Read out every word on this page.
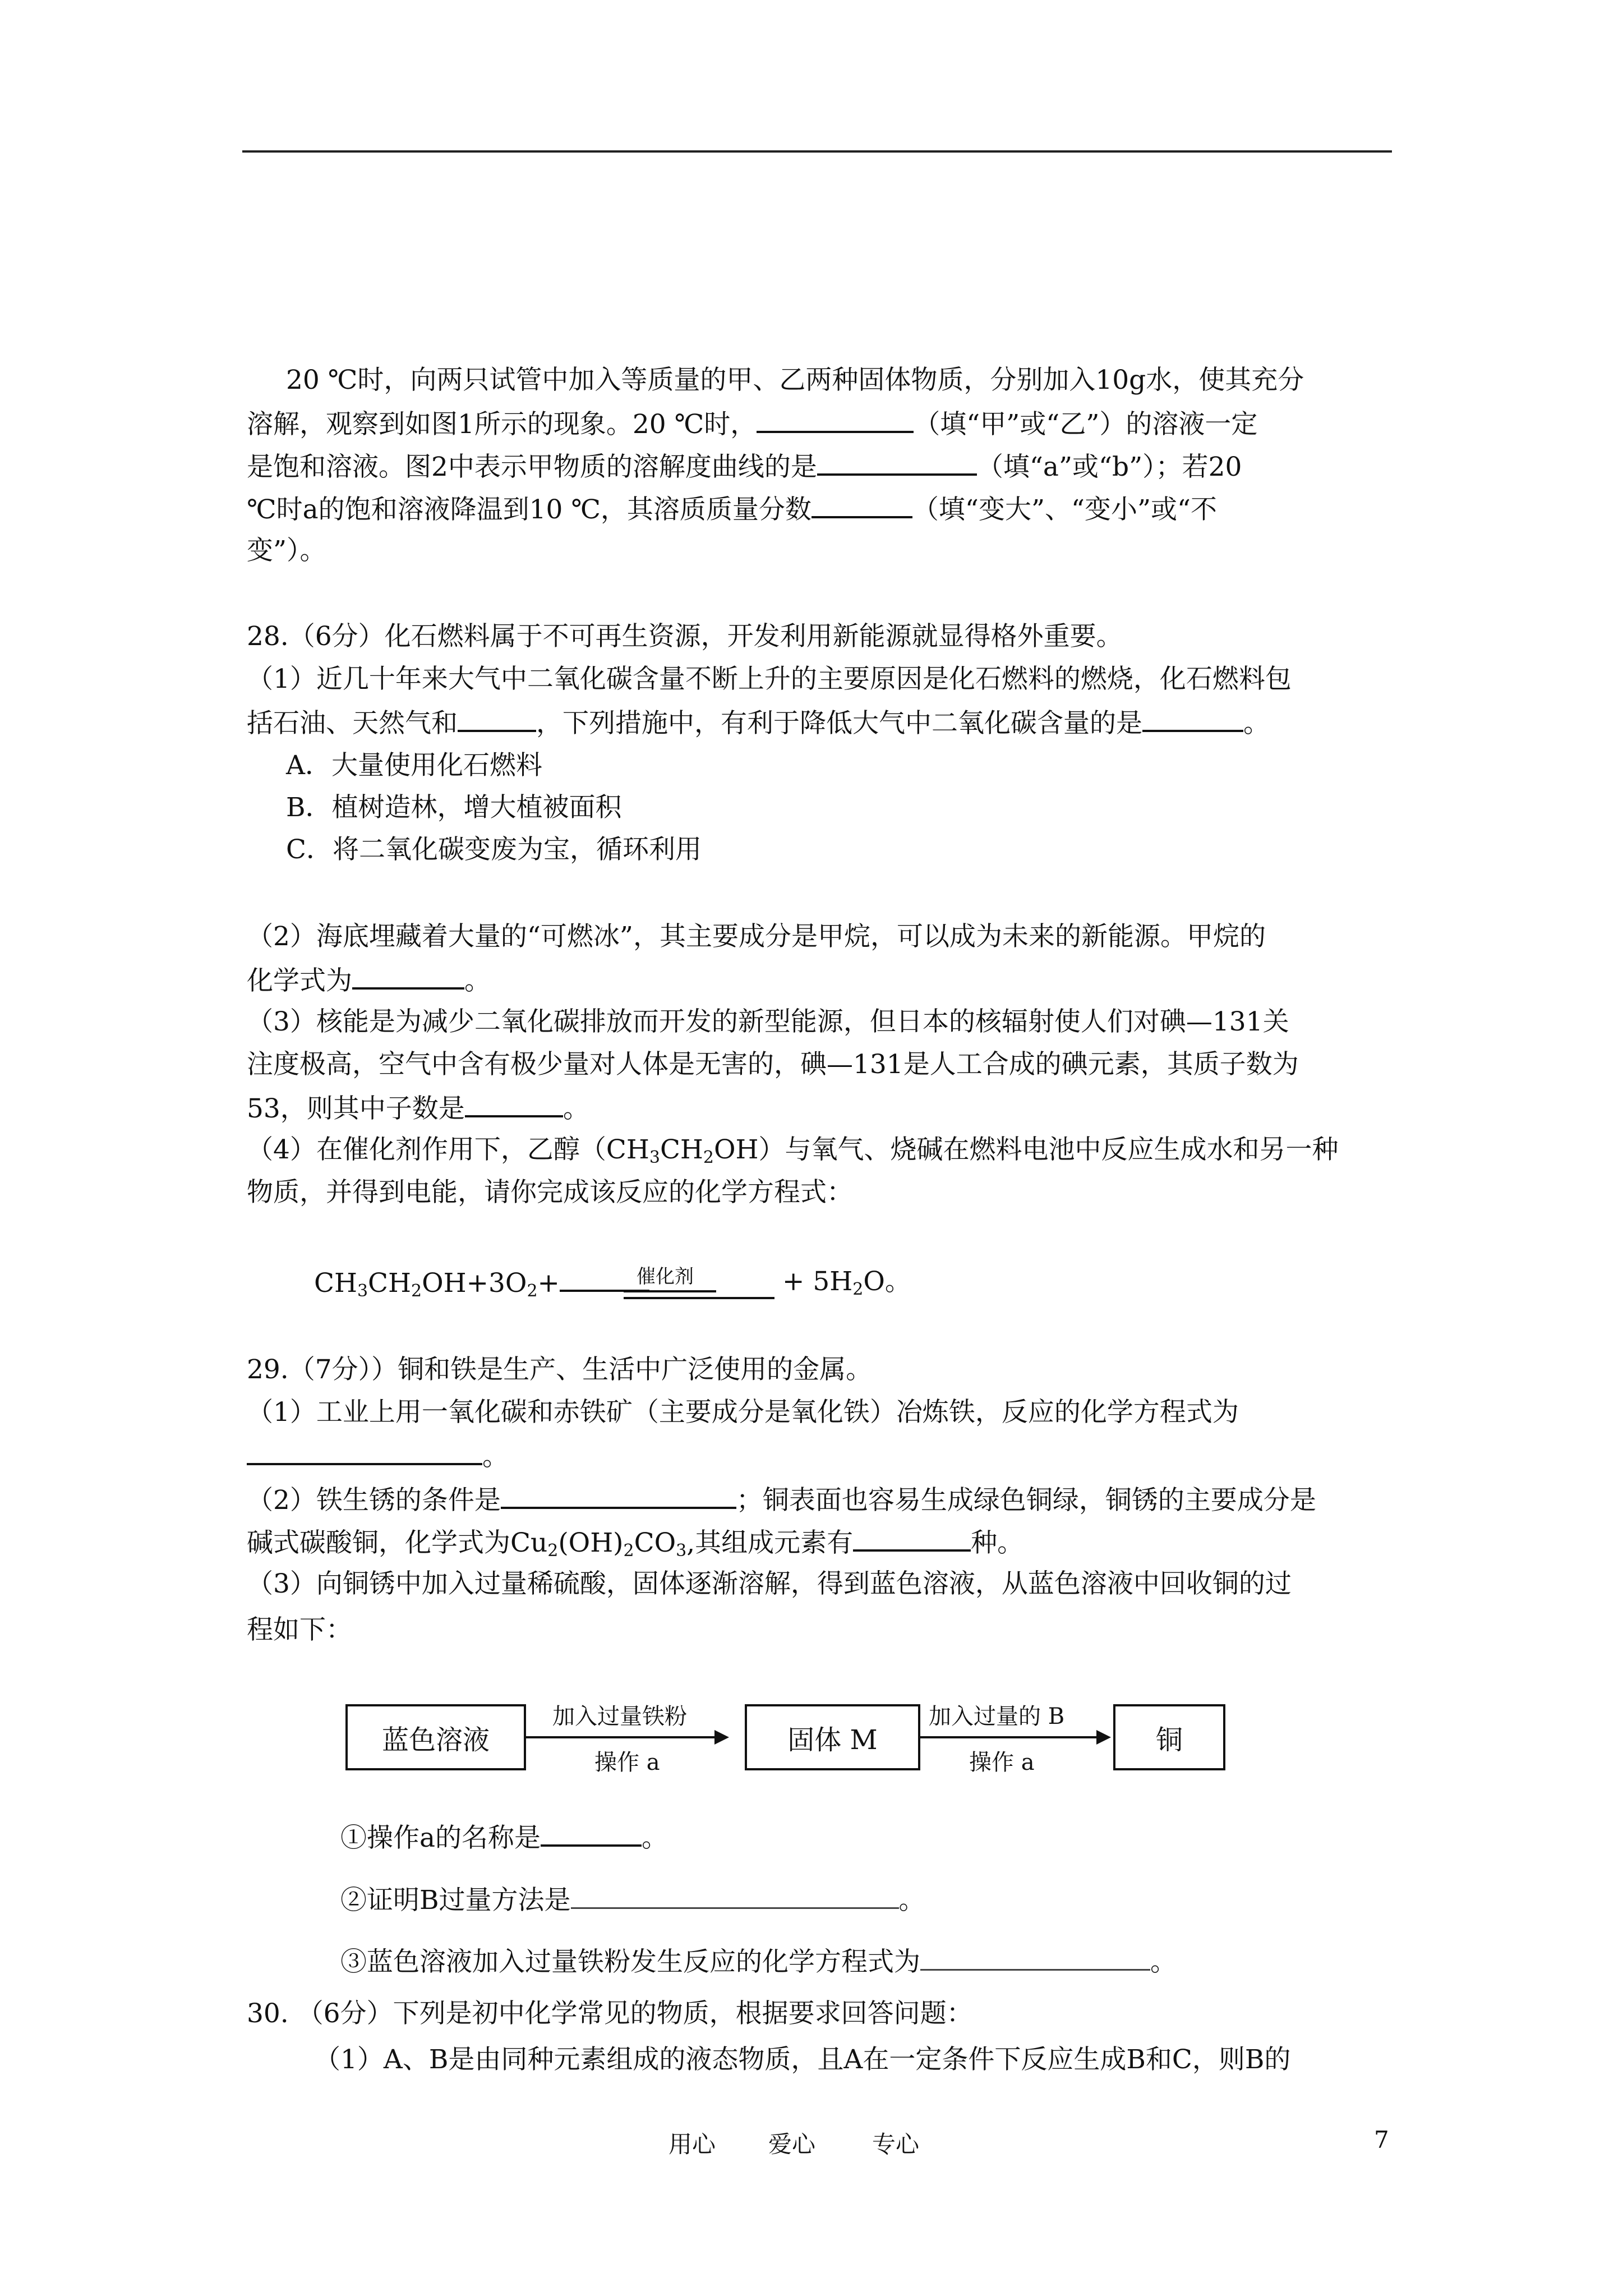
20 ℃时，向两只试管中加入等质量的甲、乙两种固体物质，分别加入10g水，使其充分
溶解，观察到如图1所示的现象。20 ℃时，	（填“甲”或“乙”）的溶液一定
是饱和溶液。图2中表示甲物质的溶解度曲线的是	（填“a”或“b”）；若20
℃时a的饱和溶液降温到10 ℃，其溶质质量分数	（填“变大”、“变小”或“不
变”）。
28.（6分）化石燃料属于不可再生资源，开发利用新能源就显得格外重要。
（1）近几十年来大气中二氧化碳含量不断上升的主要原因是化石燃料的燃烧，化石燃料包
括石油、天然气和	，下列措施中，有利于降低大气中二氧化碳含量的是	。
A．大量使用化石燃料
B．植树造林，增大植被面积
C．将二氧化碳变废为宝，循环利用
（2）海底埋藏着大量的“可燃冰”，其主要成分是甲烷，可以成为未来的新能源。甲烷的
化学式为	。
（3）核能是为减少二氧化碳排放而开发的新型能源，但日本的核辐射使人们对碘—131关
注度极高，空气中含有极少量对人体是无害的，碘—131是人工合成的碘元素，其质子数为
53，则其中子数是	。
（4）在催化剂作用下，乙醇$(CH_3CH_2OH)$与氧气、烧碱在燃料电池中反应生成水和另一种
物质，并得到电能，请你完成该反应的化学方程式：
$CH_3CH_2OH+3O_2+$	催化剂	+ $5H_2O$。
29.（7分））铜和铁是生产、生活中广泛使用的金属。
（1）工业上用一氧化碳和赤铁矿（主要成分是氧化铁）冶炼铁，反应的化学方程式为
。
（2）铁生锈的条件是	；铜表面也容易生成绿色铜绿，铜锈的主要成分是
碱式碳酸铜，化学式为$Cu_2(OH)_2CO_3$,其组成元素有	种。
（3）向铜锈中加入过量稀硫酸，固体逐渐溶解，得到蓝色溶液，从蓝色溶液中回收铜的过
程如下：
蓝色溶液
加入过量铁粉
操作 a
固体 M
加入过量的 B
操作 a
铜
①操作a的名称是	。
②证明B过量方法是	。
③蓝色溶液加入过量铁粉发生反应的化学方程式为	。
30. （6分）下列是初中化学常见的物质，根据要求回答问题：
（1）A、B是由同种元素组成的液态物质，且A在一定条件下反应生成B和C，则B的
用心 爱心 专心	7
